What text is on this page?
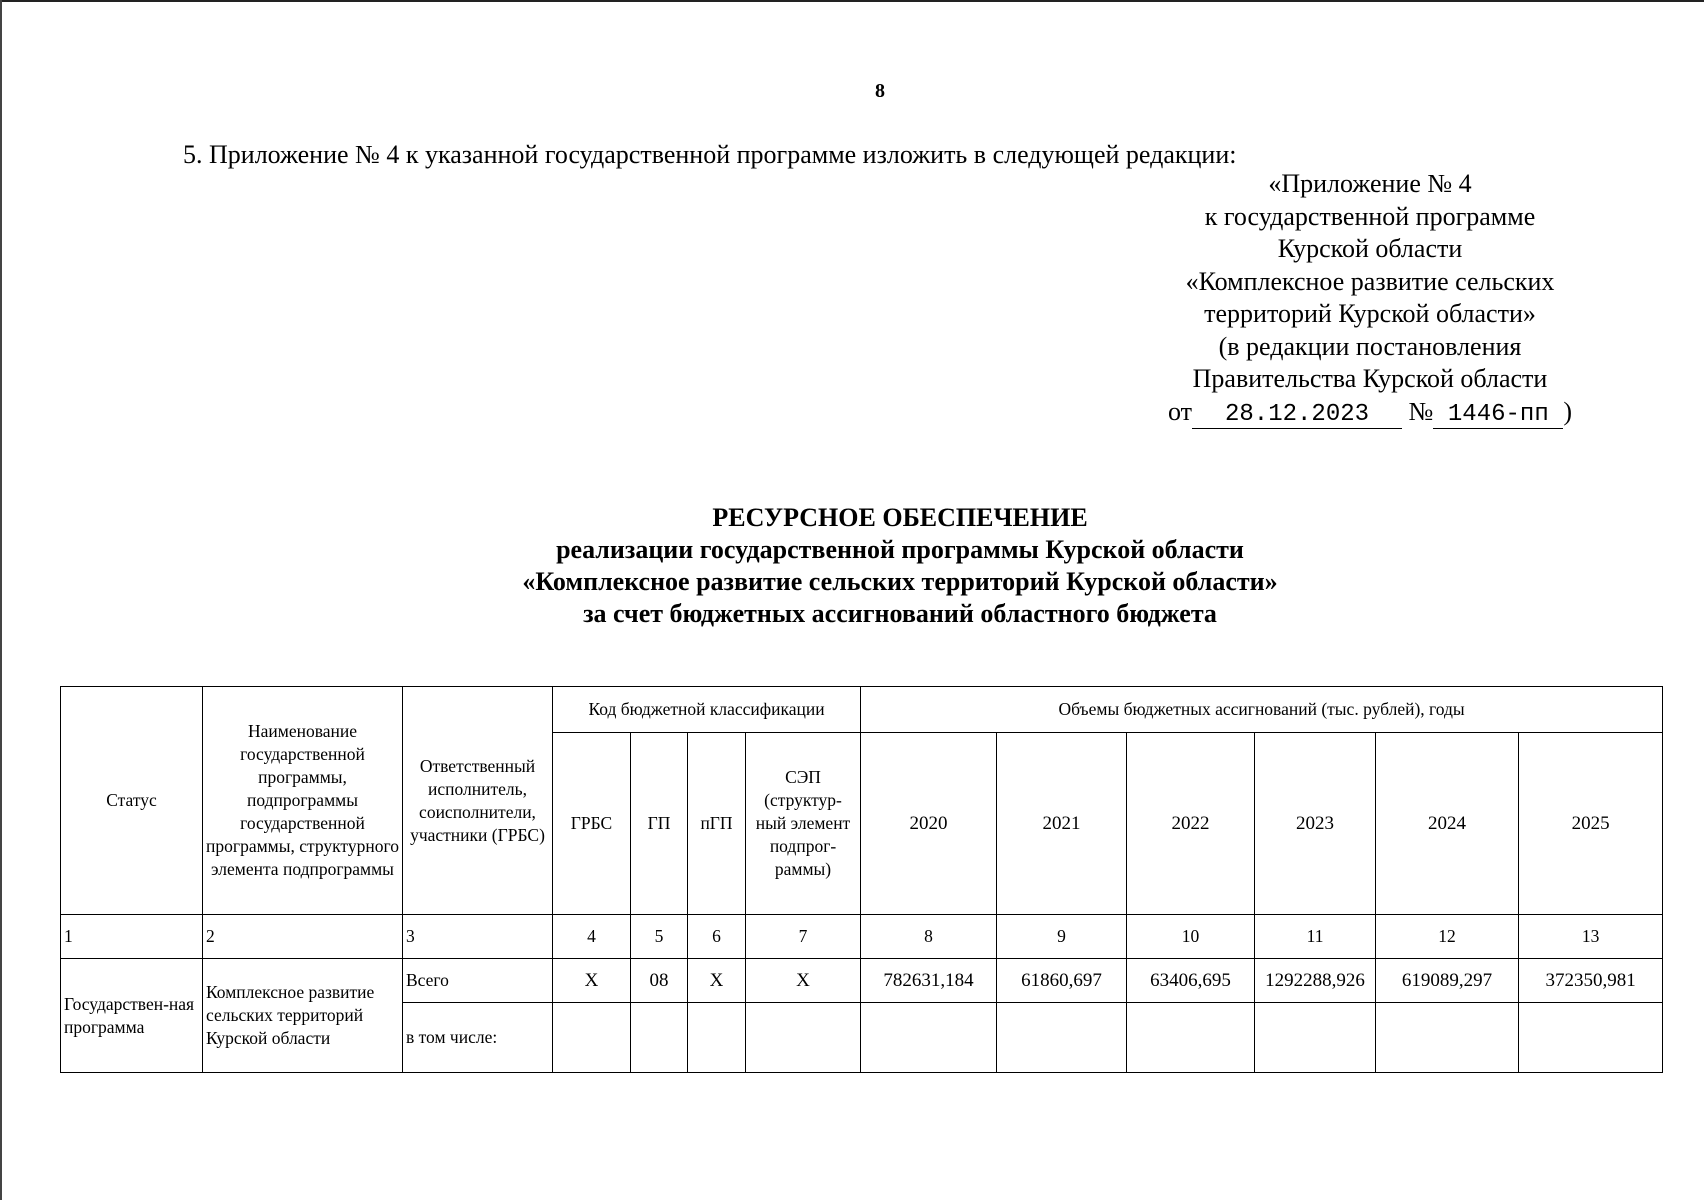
8
5. Приложение № 4 к указанной государственной программе изложить в следующей редакции:
«Приложение № 4
к государственной программе
Курской области
«Комплексное развитие сельских
территорий Курской области»
(в редакции постановления
Правительства Курской области
от 28.12.2023 № 1446-пп )
РЕСУРСНОЕ ОБЕСПЕЧЕНИЕ
реализации государственной программы Курской области
«Комплексное развитие сельских территорий Курской области»
за счет бюджетных ассигнований областного бюджета
Статус	Наименование государственной программы, подпрограммы государственной программы, структурного элемента подпрограммы	Ответственный исполнитель, соисполнители, участники (ГРБС)	Код бюджетной классификации				Объемы бюджетных ассигнований (тыс. рублей), годы					
			ГРБС	ГП	пГП	СЭП (структур-ный элемент подпрог-раммы)	2020	2021	2022	2023	2024	2025
1	2	3	4	5	6	7	8	9	10	11	12	13
Государствен-ная программа	Комплексное развитие сельских территорий Курской области	Всего	Х	08	Х	Х	782631,184	61860,697	63406,695	1292288,926	619089,297	372350,981
		в том числе:										
